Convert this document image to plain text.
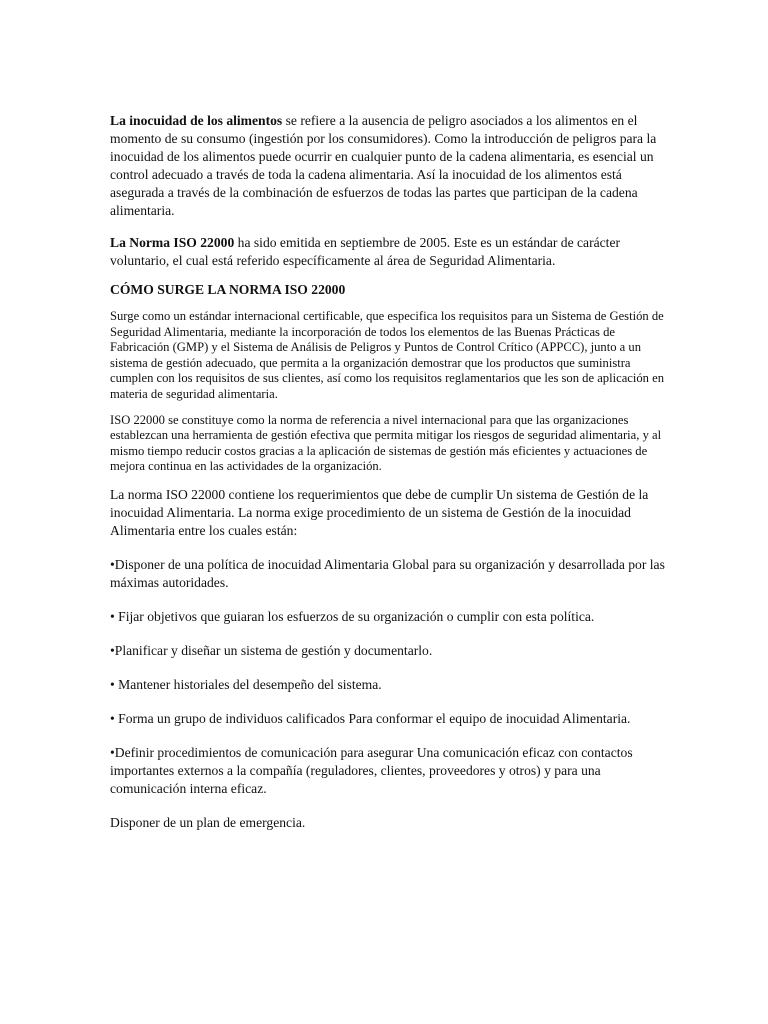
La inocuidad de los alimentos se refiere a la ausencia de peligro asociados a los alimentos en el momento de su consumo (ingestión por los consumidores). Como la introducción de peligros para la inocuidad de los alimentos puede ocurrir en cualquier punto de la cadena alimentaria, es esencial un control adecuado a través de toda la cadena alimentaria. Así la inocuidad de los alimentos está asegurada a través de la combinación de esfuerzos de todas las partes que participan de la cadena alimentaria.

La Norma ISO 22000 ha sido emitida en septiembre de 2005. Este es un estándar de carácter voluntario, el cual está referido específicamente al área de Seguridad Alimentaria.

CÓMO SURGE LA NORMA ISO 22000

Surge como un estándar internacional certificable, que especifica los requisitos para un Sistema de Gestión de Seguridad Alimentaria, mediante la incorporación de todos los elementos de las Buenas Prácticas de Fabricación (GMP) y el Sistema de Análisis de Peligros y Puntos de Control Crítico (APPCC), junto a un sistema de gestión adecuado, que permita a la organización demostrar que los productos que suministra cumplen con los requisitos de sus clientes, así como los requisitos reglamentarios que les son de aplicación en materia de seguridad alimentaria.

ISO 22000 se constituye como la norma de referencia a nivel internacional para que las organizaciones establezcan una herramienta de gestión efectiva que permita mitigar los riesgos de seguridad alimentaria, y al mismo tiempo reducir costos gracias a la aplicación de sistemas de gestión más eficientes y actuaciones de mejora continua en las actividades de la organización.

La norma ISO 22000 contiene los requerimientos que debe de cumplir Un sistema de Gestión de la inocuidad Alimentaria. La norma exige procedimiento de un sistema de Gestión de la inocuidad Alimentaria entre los cuales están:

•Disponer de una política de inocuidad Alimentaria Global para su organización y desarrollada por las máximas autoridades.

• Fijar objetivos que guiaran los esfuerzos de su organización o cumplir con esta política.

•Planificar y diseñar un sistema de gestión y documentarlo.

• Mantener historiales del desempeño del sistema.

• Forma un grupo de individuos calificados Para conformar el equipo de inocuidad Alimentaria.

•Definir procedimientos de comunicación para asegurar Una comunicación eficaz con contactos importantes externos a la compañía (reguladores, clientes, proveedores y otros) y para una comunicación interna eficaz.

Disponer de un plan de emergencia.
